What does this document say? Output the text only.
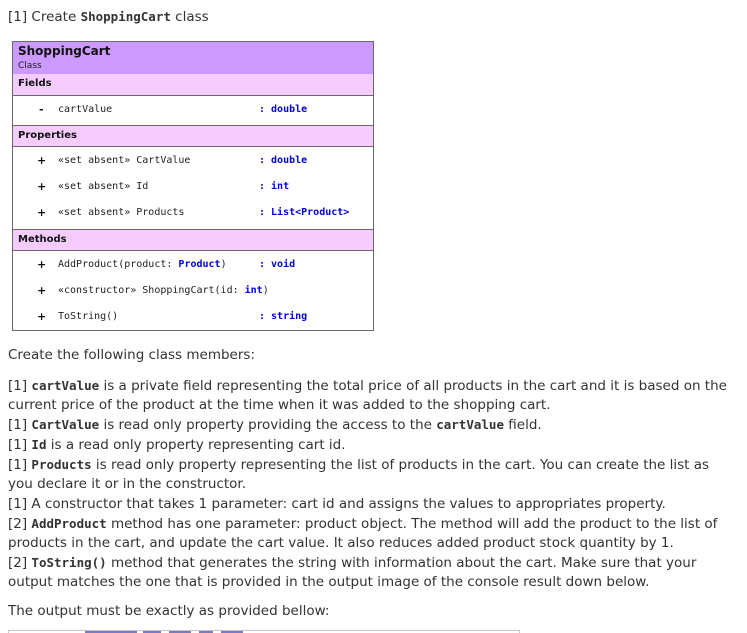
[1] Create ShoppingCart class
ShoppingCart
Class
Fields
- cartValue	: double
Properties
+ «set absent» CartValue	: double
+ «set absent» Id	: int
+ «set absent» Products	: List<Product>
Methods
+ AddProduct(product: Product)	: void
+ «constructor» ShoppingCart(id: int)
+ ToString()	: string
Create the following class members:
[1] cartValue is a private field representing the total price of all products in the cart and it is based on the current price of the product at the time when it was added to the shopping cart.
[1] CartValue is read only property providing the access to the cartValue field.
[1] Id is a read only property representing cart id.
[1] Products is read only property representing the list of products in the cart. You can create the list as you declare it or in the constructor.
[1] A constructor that takes 1 parameter: cart id and assigns the values to appropriates property.
[2] AddProduct method has one parameter: product object. The method will add the product to the list of products in the cart, and update the cart value. It also reduces added product stock quantity by 1.
[2] ToString() method that generates the string with information about the cart. Make sure that your output matches the one that is provided in the output image of the console result down below.
The output must be exactly as provided bellow:
